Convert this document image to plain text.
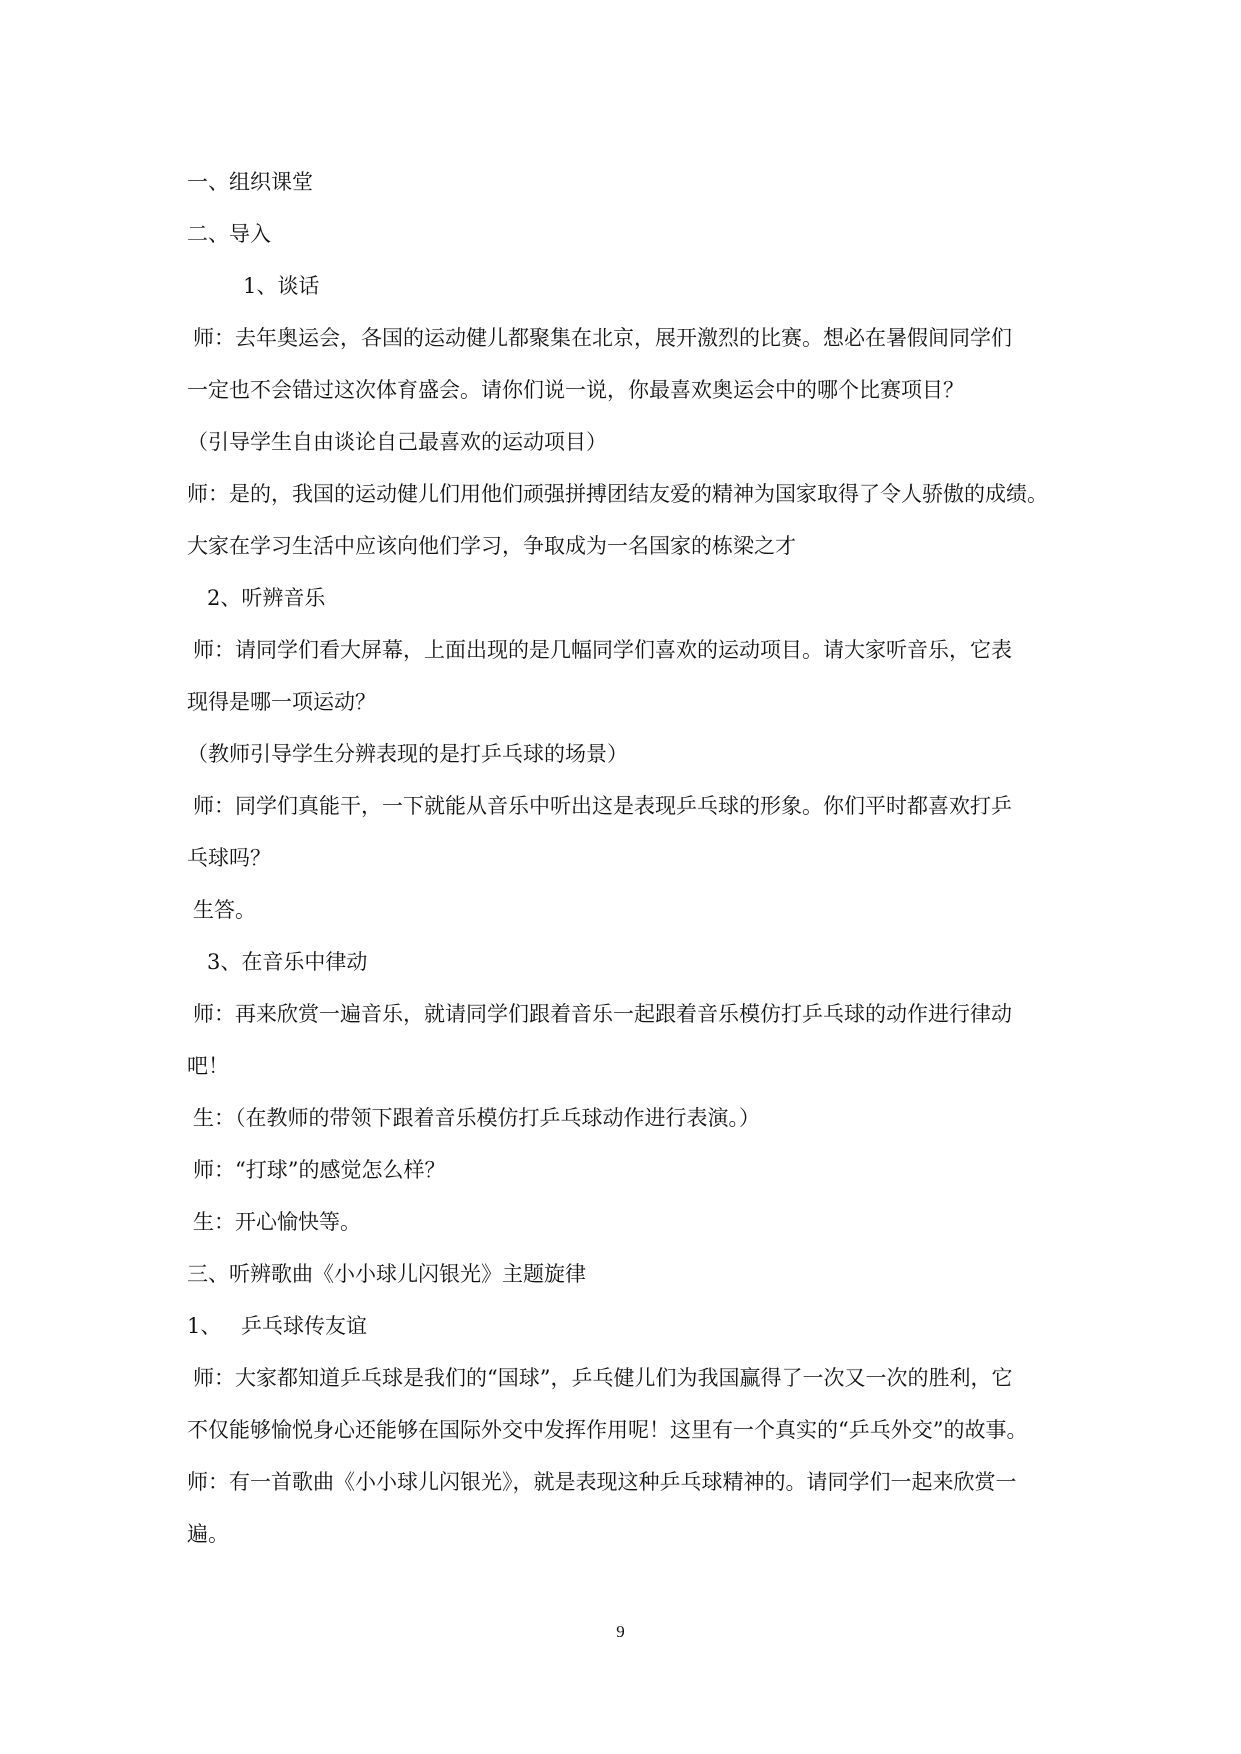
一、组织课堂
二、导入
1、谈话
师：去年奥运会，各国的运动健儿都聚集在北京，展开激烈的比赛。想必在暑假间同学们
一定也不会错过这次体育盛会。请你们说一说，你最喜欢奥运会中的哪个比赛项目？
（引导学生自由谈论自己最喜欢的运动项目）
师：是的，我国的运动健儿们用他们顽强拼搏团结友爱的精神为国家取得了令人骄傲的成绩。
大家在学习生活中应该向他们学习，争取成为一名国家的栋梁之才
2、听辨音乐
师：请同学们看大屏幕，上面出现的是几幅同学们喜欢的运动项目。请大家听音乐，它表
现得是哪一项运动？
（教师引导学生分辨表现的是打乒乓球的场景）
师：同学们真能干，一下就能从音乐中听出这是表现乒乓球的形象。你们平时都喜欢打乒
乓球吗？
生答。
3、在音乐中律动
师：再来欣赏一遍音乐，就请同学们跟着音乐一起跟着音乐模仿打乒乓球的动作进行律动
吧！
生：（在教师的带领下跟着音乐模仿打乒乓球动作进行表演。）
师：“打球”的感觉怎么样？
生：开心愉快等。
三、听辨歌曲《小小球儿闪银光》主题旋律
1、 乒乓球传友谊
师：大家都知道乒乓球是我们的“国球”，乒乓健儿们为我国赢得了一次又一次的胜利，它
不仅能够愉悦身心还能够在国际外交中发挥作用呢！这里有一个真实的“乒乓外交”的故事。
师：有一首歌曲《小小球儿闪银光》，就是表现这种乒乓球精神的。请同学们一起来欣赏一
遍。
9
